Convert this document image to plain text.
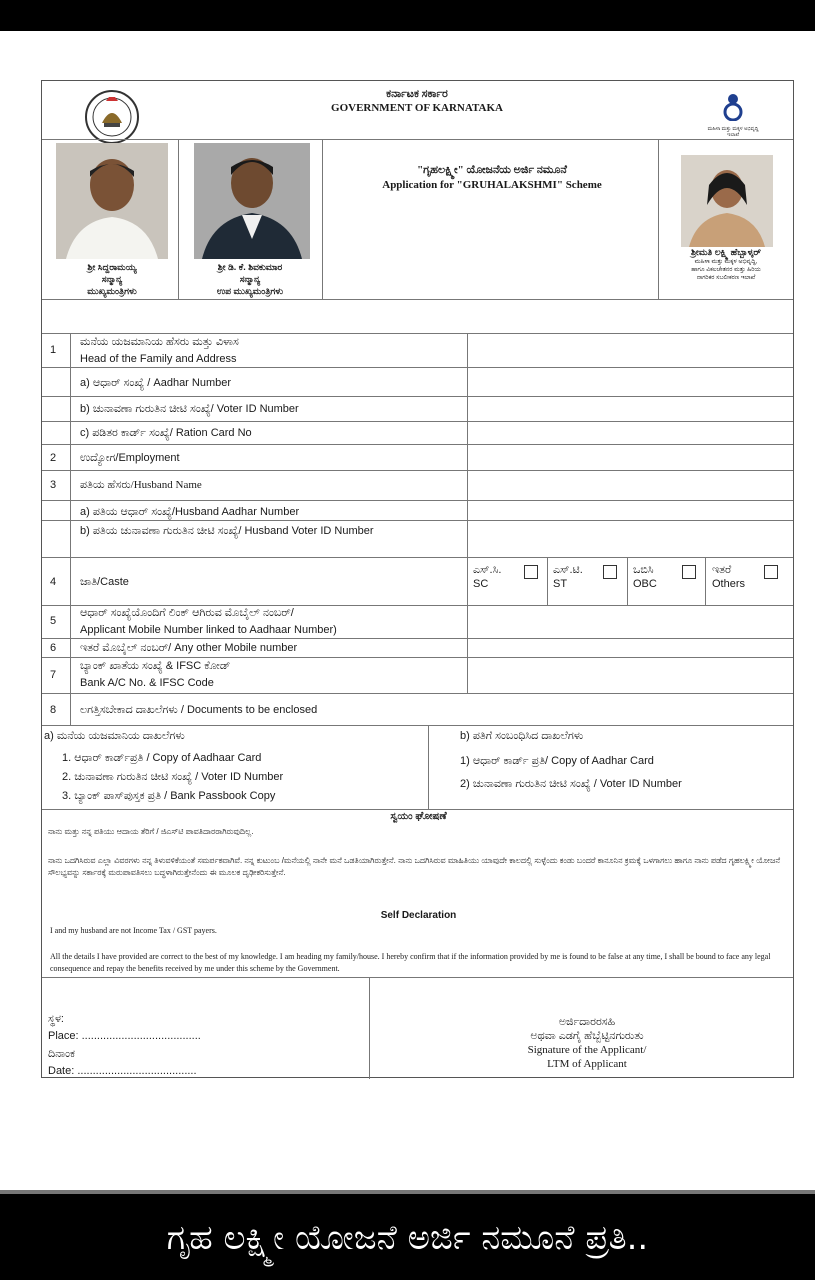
ಕರ್ನಾಟಕ ಸರ್ಕಾರ
GOVERNMENT OF KARNATAKA
ಮಹಿಳಾ ಮತ್ತು ಮಕ್ಕಳ ಅಭಿವೃದ್ಧಿ ಇಲಾಖೆ
"ಗೃಹಲಕ್ಷ್ಮೀ" ಯೋಜನೆಯ ಅರ್ಜಿ ನಮೂನೆ
Application for "GRUHALAKSHMI" Scheme
ಶ್ರೀ ಸಿದ್ದರಾಮಯ್ಯ
ಸನ್ಮಾನ್ಯ
ಮುಖ್ಯಮಂತ್ರಿಗಳು
ಶ್ರೀ ಡಿ. ಕೆ. ಶಿವಕುಮಾರ
ಸನ್ಮಾನ್ಯ
ಉಪ ಮುಖ್ಯಮಂತ್ರಿಗಳು
ಶ್ರೀಮತಿ ಲಕ್ಷ್ಮಿ ಹೆಬ್ಬಾಳ್ಕರ್
ಮಹಿಳಾ ಮತ್ತು ಮಕ್ಕಳ ಅಭಿವೃದ್ಧಿ,
ಹಾಗೂ ವಿಕಲಚೇತನರ ಮತ್ತು ಹಿರಿಯ
ನಾಗರಿಕರ ಸಬಲೀಕರಣ ಇಲಾಖೆ
1
ಮನೆಯ ಯಜಮಾನಿಯ ಹೆಸರು ಮತ್ತು ವಿಳಾಸ
Head of the Family and Address
a) ಆಧಾರ್ ಸಂಖ್ಯೆ / Aadhar Number
b) ಚುನಾವಣಾ ಗುರುತಿನ ಚೀಟಿ ಸಂಖ್ಯೆ/ Voter ID Number
c) ಪಡಿತರ ಕಾರ್ಡ್ ಸಂಖ್ಯೆ/ Ration Card No
2 ಉದ್ಯೋಗ/Employment
3 ಪತಿಯ ಹೆಸರು/Husband Name
a) ಪತಿಯ ಆಧಾರ್ ಸಂಖ್ಯೆ/Husband Aadhar Number
b) ಪತಿಯ ಚುನಾವಣಾ ಗುರುತಿನ ಚೀಟಿ ಸಂಖ್ಯೆ/ Husband Voter ID Number
4 ಜಾತಿ/Caste
ಎಸ್.ಸಿ.
SC
ಎಸ್.ಟಿ.
ST
ಒಬಿಸಿ
OBC
ಇತರೆ
Others
5
ಆಧಾರ್ ಸಂಖ್ಯೆಯೊಂದಿಗೆ ಲಿಂಕ್ ಆಗಿರುವ ಮೊಬೈಲ್ ನಂಬರ್/
Applicant Mobile Number linked to Aadhaar Number)
6 ಇತರೆ ಮೊಬೈಲ್ ನಂಬರ್/ Any other Mobile number
7
ಬ್ಯಾಂಕ್ ಖಾತೆಯ ಸಂಖ್ಯೆ & IFSC ಕೋಡ್
Bank A/C No. & IFSC Code
8 ಲಗತ್ತಿಸಬೇಕಾದ ದಾಖಲೆಗಳು / Documents to be enclosed
a) ಮನೆಯ ಯಜಮಾನಿಯ ದಾಖಲೆಗಳು
1. ಆಧಾರ್ ಕಾರ್ಡ್‌ಪ್ರತಿ / Copy of Aadhaar Card
2. ಚುನಾವಣಾ ಗುರುತಿನ ಚೀಟಿ ಸಂಖ್ಯೆ / Voter ID Number
3. ಬ್ಯಾಂಕ್ ಪಾಸ್‌ಪುಸ್ತಕ ಪ್ರತಿ / Bank Passbook Copy
b) ಪತಿಗೆ ಸಂಬಂಧಿಸಿದ ದಾಖಲೆಗಳು
1) ಆಧಾರ್ ಕಾರ್ಡ್ ಪ್ರತಿ/ Copy of Aadhar Card
2) ಚುನಾವಣಾ ಗುರುತಿನ ಚೀಟಿ ಸಂಖ್ಯೆ / Voter ID Number
ಸ್ವಯಂ ಘೋಷಣೆ
ನಾನು ಮತ್ತು ನನ್ನ ಪತಿಯು ಆದಾಯ ತೆರಿಗೆ / ಜಿಎಸ್‌ಟಿ ಪಾವತಿದಾರರಾಗಿರುವುದಿಲ್ಲ.
ನಾನು ಒದಗಿಸಿರುವ ಎಲ್ಲಾ ವಿವರಗಳು ನನ್ನ ತಿಳುವಳಿಕೆಯಂತೆ ಸಮರ್ಪಕವಾಗಿವೆ. ನನ್ನ ಕುಟುಂಬ /ಮನೆಯಲ್ಲಿ ನಾನೇ ಮನೆ ಒಡತಿಯಾಗಿರುತ್ತೇನೆ. ನಾನು ಒದಗಿಸಿರುವ ಮಾಹಿತಿಯು ಯಾವುದೇ ಕಾಲದಲ್ಲಿ ಸುಳ್ಳೆಂದು ಕಂಡು ಬಂದರೆ ಕಾನೂನಿನ ಕ್ರಮಕ್ಕೆ ಒಳಗಾಗಲು ಹಾಗೂ ನಾನು ಪಡೆದ ಗೃಹಲಕ್ಷ್ಮೀ ಯೋಜನೆ ಸೌಲಭ್ಯವನ್ನು ಸರ್ಕಾರಕ್ಕೆ ಮರುಪಾವತಿಸಲು ಬದ್ಧಳಾಗಿರುತ್ತೇನೆಂದು ಈ ಮೂಲಕ ದೃಢೀಕರಿಸುತ್ತೇನೆ.
Self Declaration
I and my husband are not Income Tax / GST payers.
All the details I have provided are correct to the best of my knowledge. I am heading my family/house. I hereby confirm that if the information provided by me is found to be false at any time, I shall be bound to face any legal consequence and repay the benefits received by me under this scheme by the Government.
ಸ್ಥಳ:
Place: .......................................
ದಿನಾಂಕ
Date: .......................................
ಅರ್ಜಿದಾರರಸಹಿ
ಅಥವಾ ಎಡಗೈ ಹೆಬ್ಬೆಟ್ಟಿನಗುರುತು
Signature of the Applicant/
LTM of Applicant
ಗೃಹ ಲಕ್ಷ್ಮೀ ಯೋಜನೆ ಅರ್ಜಿ ನಮೂನೆ ಪ್ರತಿ..
